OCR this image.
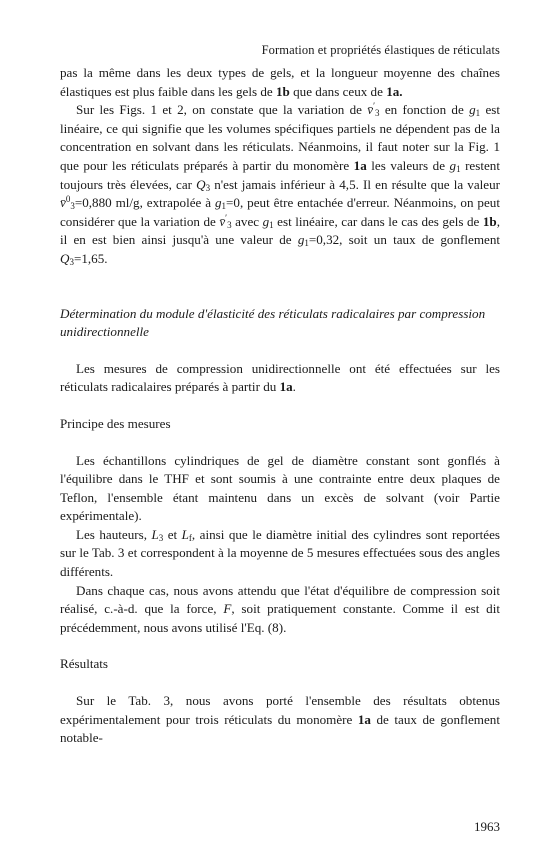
Formation et propriétés élastiques de réticulats

pas la même dans les deux types de gels, et la longueur moyenne des chaînes élastiques est plus faible dans les gels de 1b que dans ceux de 1a.

Sur les Figs. 1 et 2, on constate que la variation de $v̄'_3$ en fonction de $g_1$ est linéaire, ce qui signifie que les volumes spécifiques partiels ne dépendent pas de la concentration en solvant dans les réticulats. Néanmoins, il faut noter sur la Fig. 1 que pour les réticulats préparés à partir du monomère 1a les valeurs de $g_1$ restent toujours très élevées, car $Q_3$ n'est jamais inférieur à 4,5. Il en résulte que la valeur v̄$^0_3$=0,880 ml/g, extrapolée à $g_1=0$, peut être entachée d'erreur. Néanmoins, on peut considérer que la variation de $v̄'_3$ avec $g_1$ est linéaire, car dans le cas des gels de 1b, il en est bien ainsi jusqu'à une valeur de $g_1=0,32$, soit un taux de gonflement $Q_3=1,65$.

Détermination du module d'élasticité des réticulats radicalaires par compression unidirectionnelle

Les mesures de compression unidirectionnelle ont été effectuées sur les réticulats radicalaires préparés à partir du 1a.

Principe des mesures

Les échantillons cylindriques de gel de diamètre constant sont gonflés à l'équilibre dans le THF et sont soumis à une contrainte entre deux plaques de Teflon, l'ensemble étant maintenu dans un excès de solvant (voir Partie expérimentale).

Les hauteurs, $L_3$ et $L_f$, ainsi que le diamètre initial des cylindres sont reportées sur le Tab. 3 et correspondent à la moyenne de 5 mesures effectuées sous des angles différents.

Dans chaque cas, nous avons attendu que l'état d'équilibre de compression soit réalisé, c.-à-d. que la force, F, soit pratiquement constante. Comme il est dit précédemment, nous avons utilisé l'Eq. (8).

Résultats

Sur le Tab. 3, nous avons porté l'ensemble des résultats obtenus expérimentalement pour trois réticulats du monomère 1a de taux de gonflement notable-

1963
